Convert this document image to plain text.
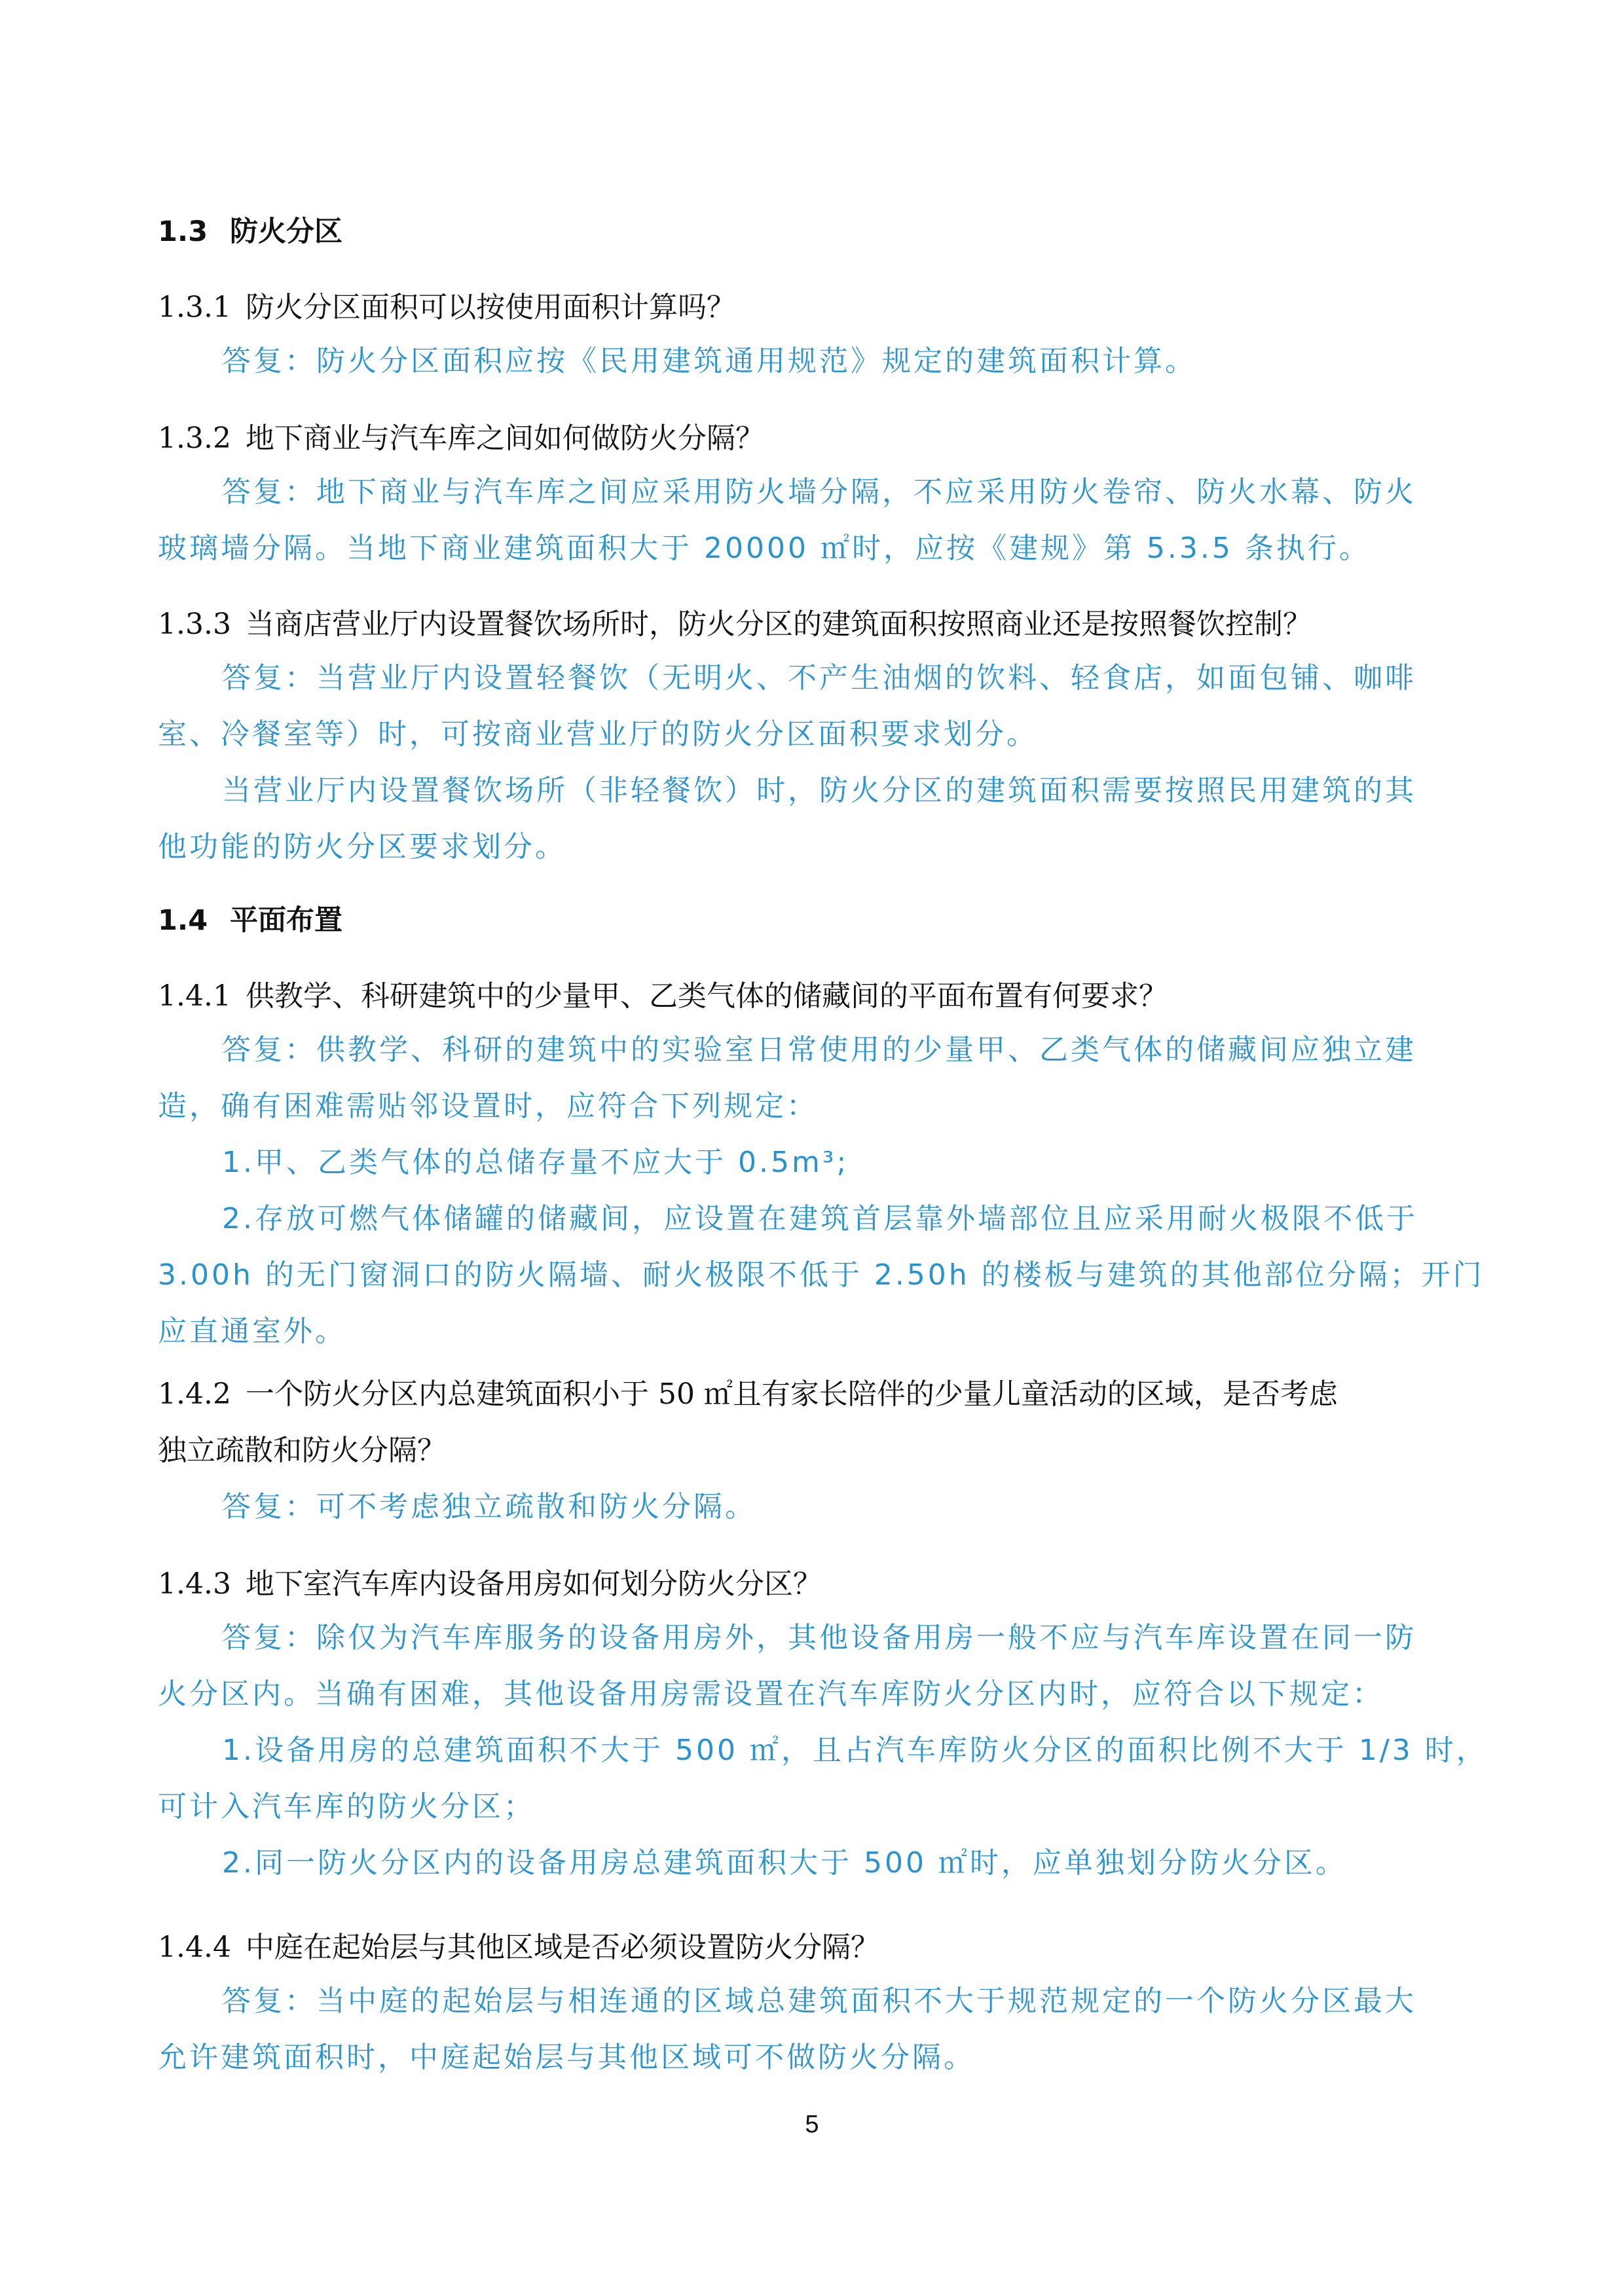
1.3 防火分区
1.3.1 防火分区面积可以按使用面积计算吗？
答复：防火分区面积应按《民用建筑通用规范》规定的建筑面积计算。
1.3.2 地下商业与汽车库之间如何做防火分隔？
答复：地下商业与汽车库之间应采用防火墙分隔，不应采用防火卷帘、防火水幕、防火
玻璃墙分隔。当地下商业建筑面积大于 20000 ㎡时，应按《建规》第 5.3.5 条执行。
1.3.3 当商店营业厅内设置餐饮场所时，防火分区的建筑面积按照商业还是按照餐饮控制？
答复：当营业厅内设置轻餐饮（无明火、不产生油烟的饮料、轻食店，如面包铺、咖啡
室、冷餐室等）时，可按商业营业厅的防火分区面积要求划分。
当营业厅内设置餐饮场所（非轻餐饮）时，防火分区的建筑面积需要按照民用建筑的其
他功能的防火分区要求划分。
1.4 平面布置
1.4.1 供教学、科研建筑中的少量甲、乙类气体的储藏间的平面布置有何要求？
答复：供教学、科研的建筑中的实验室日常使用的少量甲、乙类气体的储藏间应独立建
造，确有困难需贴邻设置时，应符合下列规定：
1.甲、乙类气体的总储存量不应大于 0.5m³;
2.存放可燃气体储罐的储藏间，应设置在建筑首层靠外墙部位且应采用耐火极限不低于
3.00h 的无门窗洞口的防火隔墙、耐火极限不低于 2.50h 的楼板与建筑的其他部位分隔；开门
应直通室外。
1.4.2 一个防火分区内总建筑面积小于 50 ㎡且有家长陪伴的少量儿童活动的区域，是否考虑
独立疏散和防火分隔？
答复：可不考虑独立疏散和防火分隔。
1.4.3 地下室汽车库内设备用房如何划分防火分区？
答复：除仅为汽车库服务的设备用房外，其他设备用房一般不应与汽车库设置在同一防
火分区内。当确有困难，其他设备用房需设置在汽车库防火分区内时，应符合以下规定：
1.设备用房的总建筑面积不大于 500 ㎡，且占汽车库防火分区的面积比例不大于 1/3 时，
可计入汽车库的防火分区；
2.同一防火分区内的设备用房总建筑面积大于 500 ㎡时，应单独划分防火分区。
1.4.4 中庭在起始层与其他区域是否必须设置防火分隔？
答复：当中庭的起始层与相连通的区域总建筑面积不大于规范规定的一个防火分区最大
允许建筑面积时，中庭起始层与其他区域可不做防火分隔。
5
